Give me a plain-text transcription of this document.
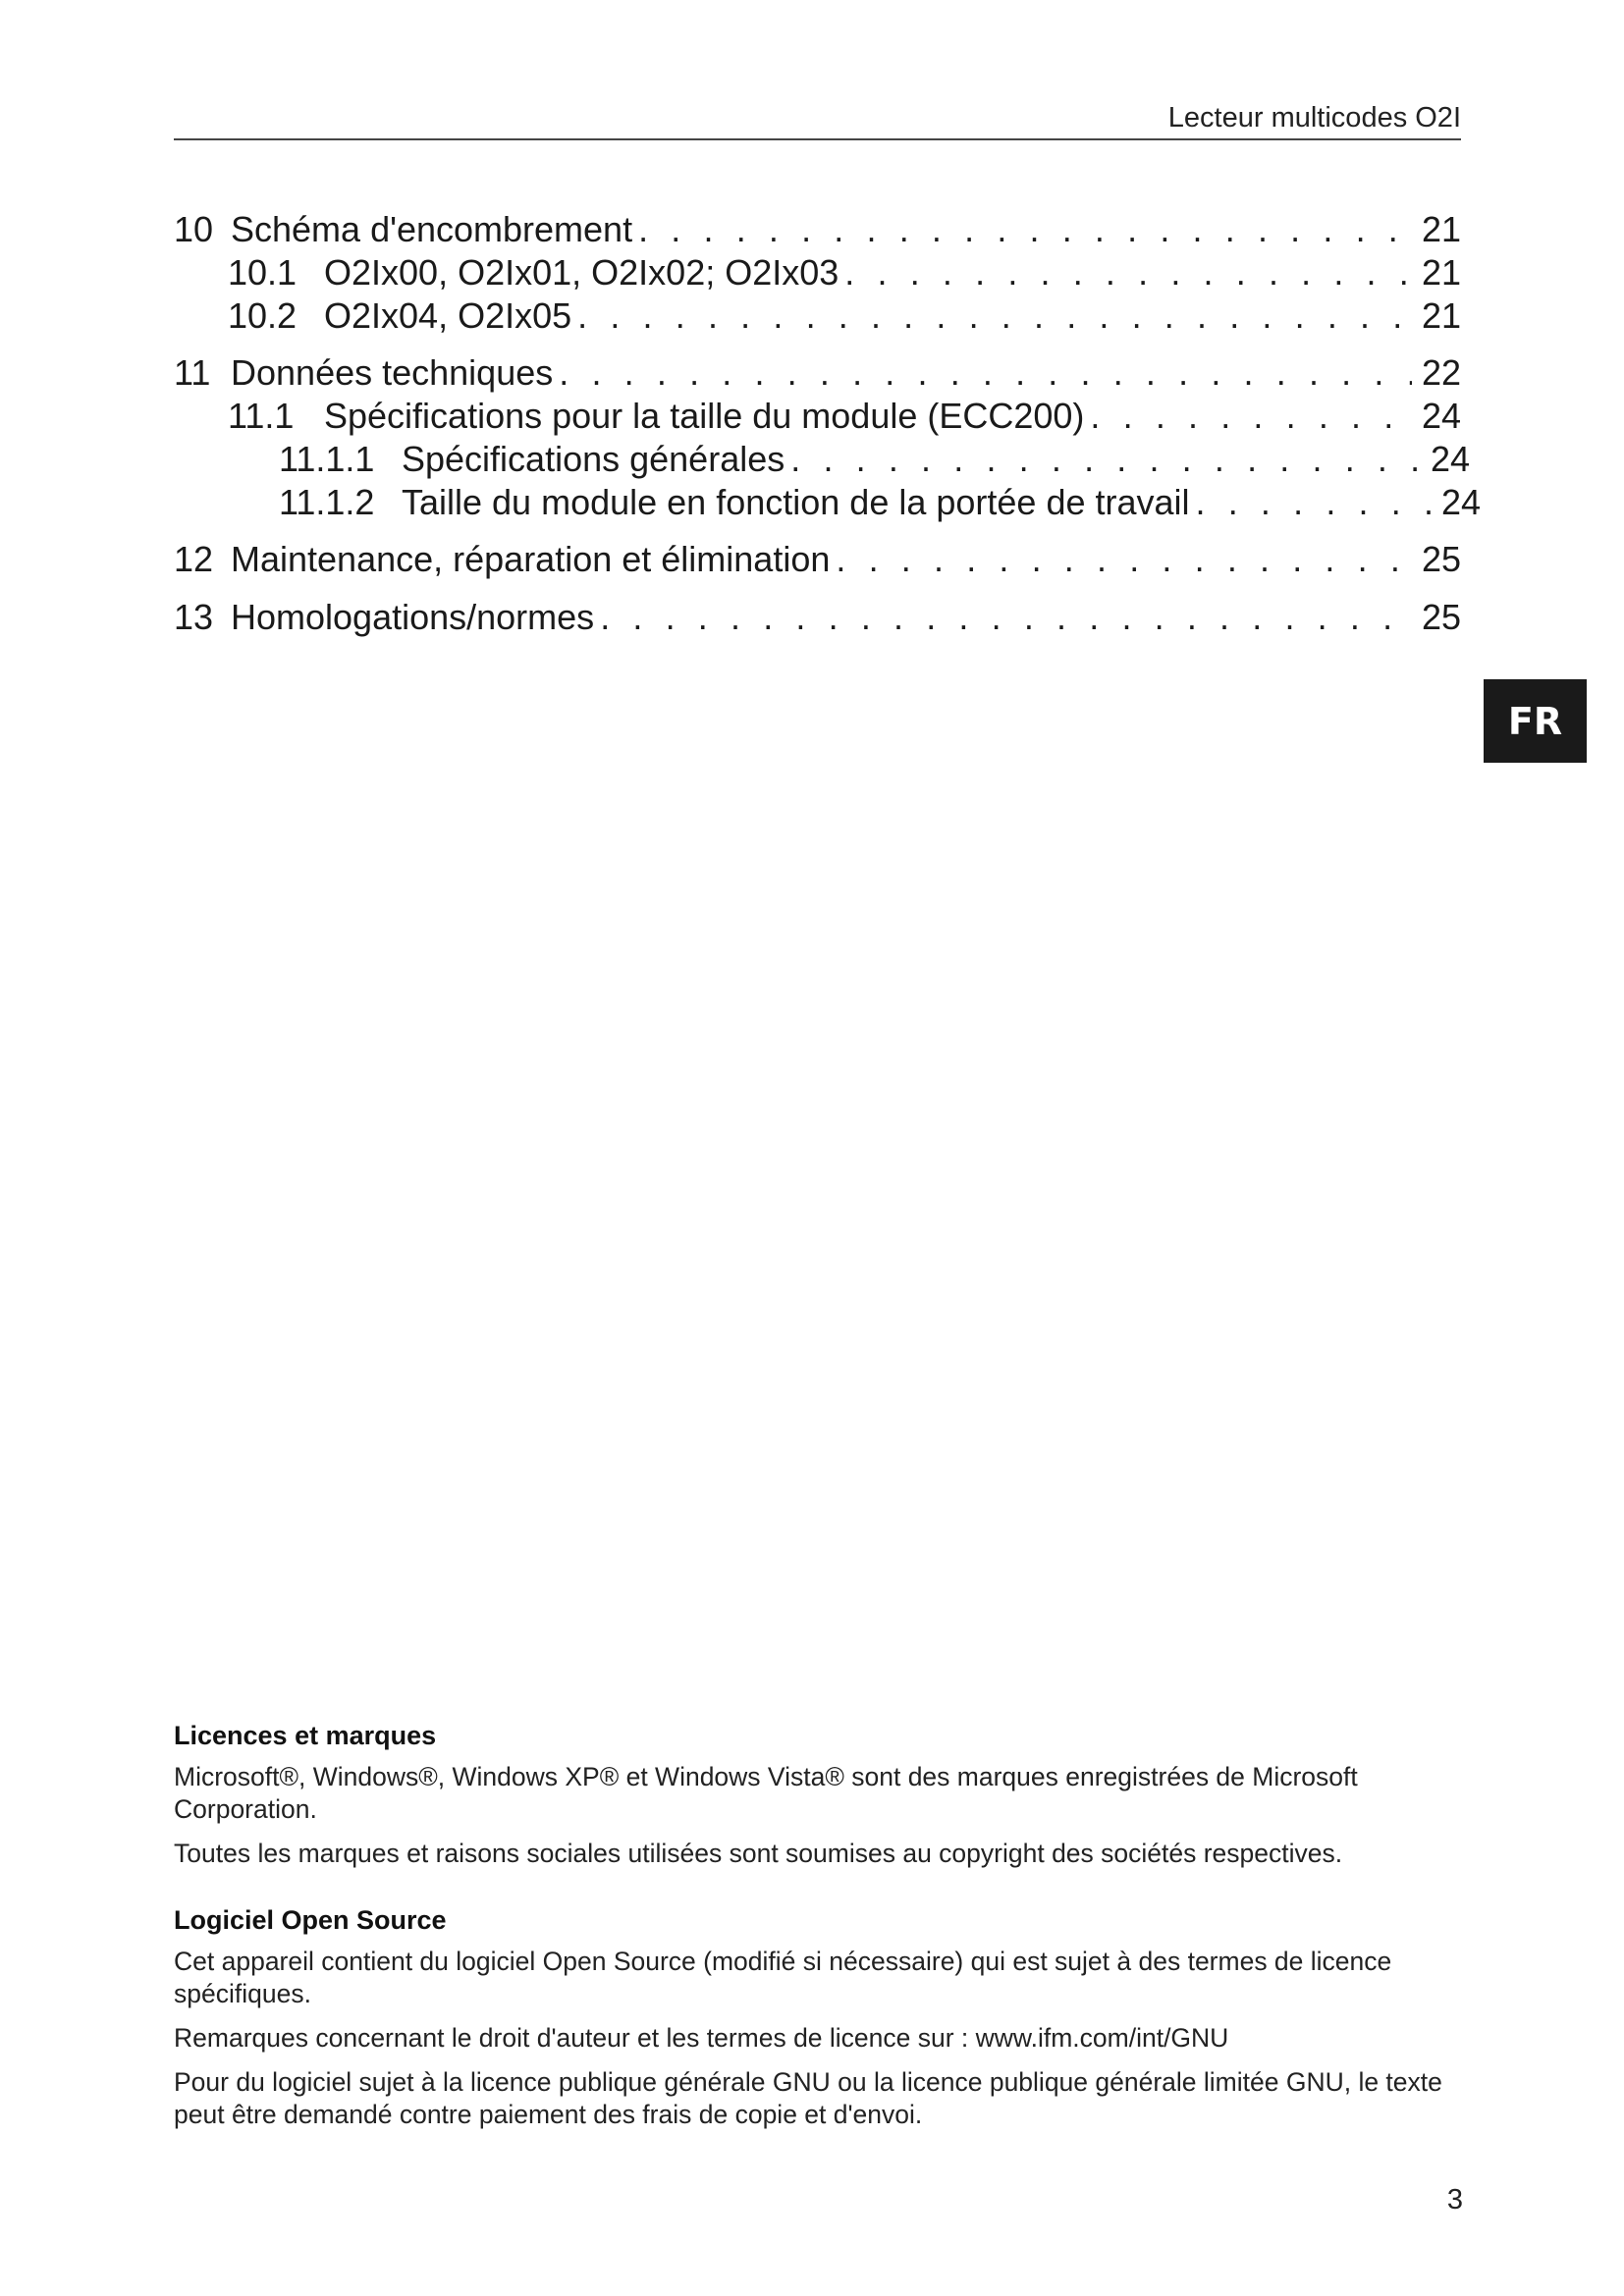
Lecteur multicodes O2I
10 Schéma d'encombrement . . .	21
10.1 O2Ix00, O2Ix01, O2Ix02; O2Ix03 . . .	21
10.2 O2Ix04, O2Ix05 . . .	21
11 Données techniques . . .	22
11.1 Spécifications pour la taille du module (ECC200) . . .	24
11.1.1 Spécifications générales . . .	24
11.1.2 Taille du module en fonction de la portée de travail . . .	24
12 Maintenance, réparation et élimination . . .	25
13 Homologations/normes . . .	25
FR
Licences et marques

Microsoft®, Windows®, Windows XP® et Windows Vista® sont des marques enregistrées de Microsoft Corporation.

Toutes les marques et raisons sociales utilisées sont soumises au copyright des sociétés respectives.

Logiciel Open Source

Cet appareil contient du logiciel Open Source (modifié si nécessaire) qui est sujet à des termes de licence spécifiques.

Remarques concernant le droit d'auteur et les termes de licence sur : www.ifm.com/int/GNU

Pour du logiciel sujet à la licence publique générale GNU ou la licence publique générale limitée GNU, le texte peut être demandé contre paiement des frais de copie et d'envoi.

3
